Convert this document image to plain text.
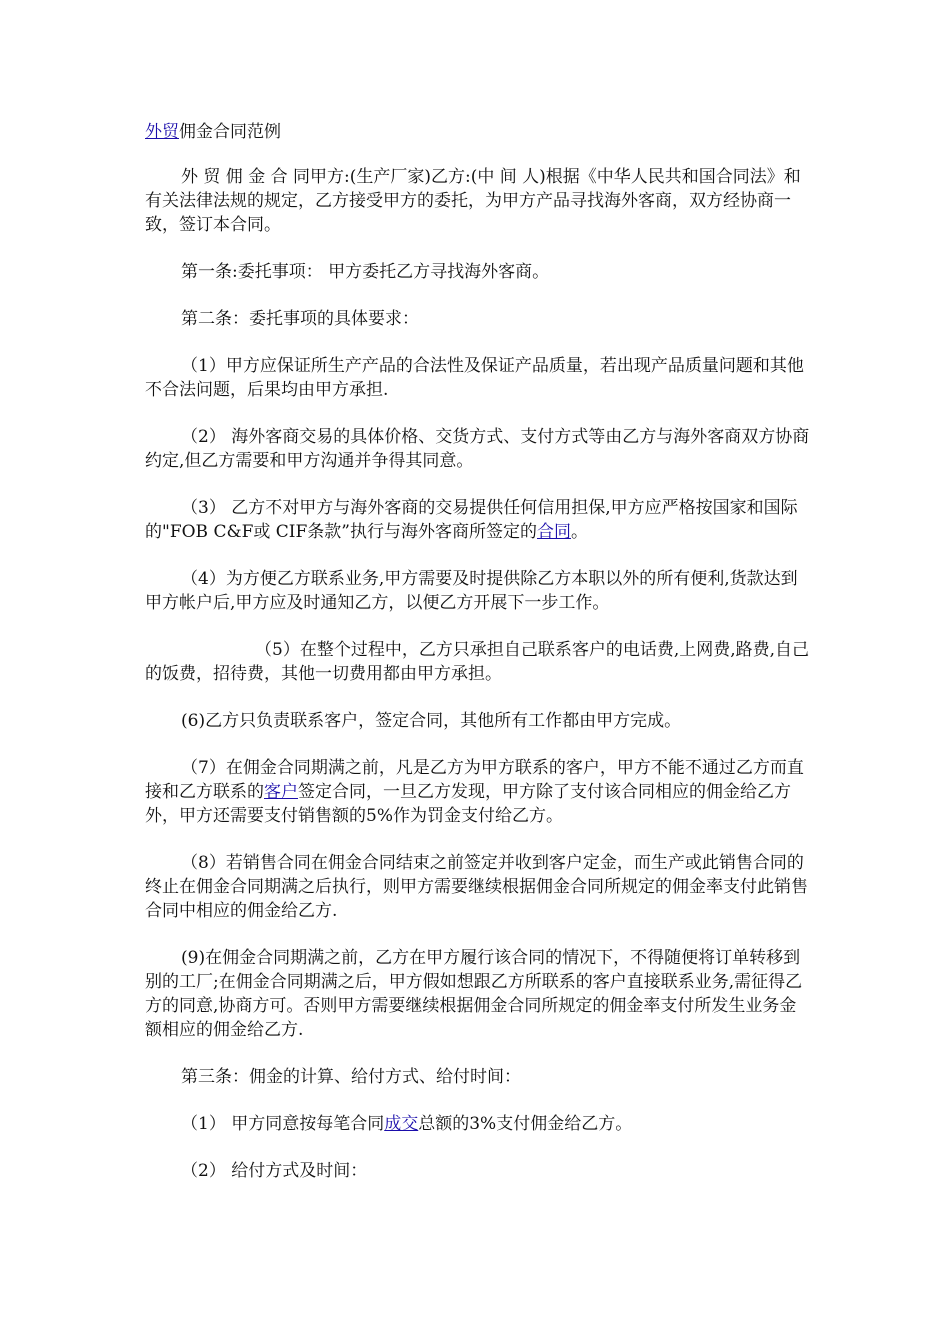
外贸佣金合同范例

外 贸 佣 金 合 同甲方:(生产厂家)乙方:(中 间 人)根据《中华人民共和国合同法》和有关法律法规的规定，乙方接受甲方的委托，为甲方产品寻找海外客商，双方经协商一致，签订本合同。

第一条:委托事项： 甲方委托乙方寻找海外客商。

第二条：委托事项的具体要求：

（1）甲方应保证所生产产品的合法性及保证产品质量，若出现产品质量问题和其他不合法问题，后果均由甲方承担.

（2） 海外客商交易的具体价格、交货方式、支付方式等由乙方与海外客商双方协商约定,但乙方需要和甲方沟通并争得其同意。

（3） 乙方不对甲方与海外客商的交易提供任何信用担保,甲方应严格按国家和国际的"FOB C&F或 CIF条款”执行与海外客商所签定的合同。

（4）为方便乙方联系业务,甲方需要及时提供除乙方本职以外的所有便利,货款达到甲方帐户后,甲方应及时通知乙方，以便乙方开展下一步工作。

（5）在整个过程中，乙方只承担自己联系客户的电话费,上网费,路费,自己的饭费，招待费，其他一切费用都由甲方承担。

(6)乙方只负责联系客户，签定合同，其他所有工作都由甲方完成。

（7）在佣金合同期满之前，凡是乙方为甲方联系的客户，甲方不能不通过乙方而直接和乙方联系的客户签定合同，一旦乙方发现，甲方除了支付该合同相应的佣金给乙方外，甲方还需要支付销售额的5%作为罚金支付给乙方。

（8）若销售合同在佣金合同结束之前签定并收到客户定金，而生产或此销售合同的终止在佣金合同期满之后执行，则甲方需要继续根据佣金合同所规定的佣金率支付此销售合同中相应的佣金给乙方.

(9)在佣金合同期满之前，乙方在甲方履行该合同的情况下，不得随便将订单转移到别的工厂;在佣金合同期满之后，甲方假如想跟乙方所联系的客户直接联系业务,需征得乙方的同意,协商方可。否则甲方需要继续根据佣金合同所规定的佣金率支付所发生业务金额相应的佣金给乙方.

第三条：佣金的计算、给付方式、给付时间：

（1） 甲方同意按每笔合同成交总额的3%支付佣金给乙方。

（2） 给付方式及时间：
